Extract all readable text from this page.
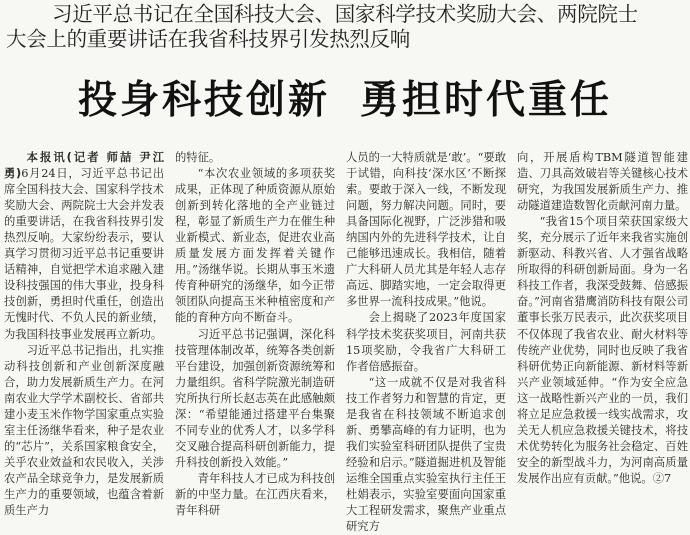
习近平总书记在全国科技大会、国家科学技术奖励大会、两院院士
大会上的重要讲话在我省科技界引发热烈反响
投身科技创新 勇担时代重任

本报讯(记者 师喆 尹江勇)6月24日，习近平总书记出席全国科技大会、国家科学技术奖励大会、两院院士大会并发表的重要讲话，在我省科技界引发热烈反响。大家纷纷表示，要认真学习贯彻习近平总书记重要讲话精神，自觉把学术追求融入建设科技强国的伟大事业，投身科技创新，勇担时代重任，创造出无愧时代、不负人民的新业绩，为我国科技事业发展再立新功。

习近平总书记指出，扎实推动科技创新和产业创新深度融合，助力发展新质生产力。在河南农业大学学术副校长、省部共建小麦玉米作物学国家重点实验室主任汤继华看来，种子是农业的“芯片”，关系国家粮食安全，关乎农业效益和农民收入，关涉农产品全球竞争力，是发展新质生产力的重要领域，也蕴含着新质生产力

的特征。

“本次农业领域的多项获奖成果，正体现了种质资源从原始创新到转化落地的全产业链过程，彰显了新质生产力在催生种业新模式、新业态，促进农业高质量发展方面发挥着关键作用。”汤继华说。长期从事玉米遗传育种研究的汤继华，如今正带领团队向提高玉米种植密度和产能的育种方向不断奋斗。

习近平总书记强调，深化科技管理体制改革，统筹各类创新平台建设，加强创新资源统筹和力量组织。省科学院激光制造研究所执行所长赵志英在此感触颇深：“希望能通过搭建平台集聚不同专业的优秀人才，以多学科交叉融合提高科研创新能力，提升科技创新投入效能。”

青年科技人才已成为科技创新的中坚力量。在江西庆看来，青年科研

人员的一大特质就是‘敢’。“要敢于试错，向科技‘深水区’不断探索。要敢于深入一线，不断发现问题，努力解决问题。同时，要具备国际化视野，广泛涉猎和吸纳国内外的先进科学技术，让自己能够迅速成长。我相信，随着广大科研人员尤其是年轻人志存高远、脚踏实地，一定会取得更多世界一流科技成果。”他说。

会上揭晓了2023年度国家科学技术奖获奖项目，河南共获15项奖励，令我省广大科研工作者倍感振奋。

“这一成就不仅是对我省科技工作者努力和智慧的肯定，更是我省在科技领域不断追求创新、勇攀高峰的有力证明，也为我们实验室科研团队提供了宝贵经验和启示。”隧道掘进机及智能运维全国重点实验室执行主任王杜娟表示，实验室要面向国家重大工程研发需求，聚焦产业重点研究方

向，开展盾构TBM隧道智能建造、刀具高效破岩等关键核心技术研究，为我国发展新质生产力、推动隧道建造数智化贡献河南力量。

“我省15个项目荣获国家级大奖，充分展示了近年来我省实施创新驱动、科教兴省、人才强省战略所取得的科研创新局面。身为一名科技工作者，我深受鼓舞、倍感振奋。”河南省猎鹰消防科技有限公司董事长张万民表示，此次获奖项目不仅体现了我省农业、耐火材料等传统产业优势，同时也反映了我省科研优势正向新能源、新材料等新兴产业领域延伸。“作为安全应急这一战略性新兴产业的一员，我们将立足应急救援一线实战需求，攻关无人机应急救援关键技术，将技术优势转化为服务社会稳定、百姓安全的新型战斗力，为河南高质量发展作出应有贡献。”他说。②7
